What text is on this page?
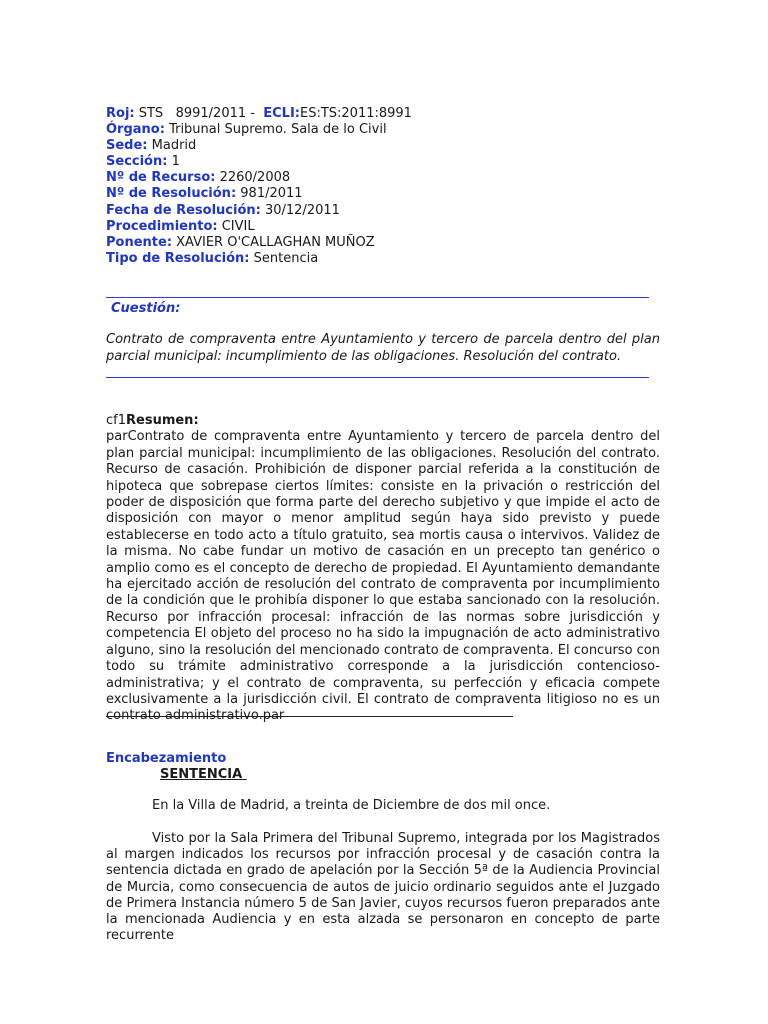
Roj: STS   8991/2011 -  ECLI:ES:TS:2011:8991
Órgano: Tribunal Supremo. Sala de lo Civil
Sede: Madrid
Sección: 1
Nº de Recurso: 2260/2008
Nº de Resolución: 981/2011
Fecha de Resolución: 30/12/2011
Procedimiento: CIVIL
Ponente: XAVIER O'CALLAGHAN MUÑOZ
Tipo de Resolución: Sentencia
Cuestión:
Contrato de compraventa entre Ayuntamiento y tercero de parcela dentro del plan parcial municipal: incumplimiento de las obligaciones. Resolución del contrato.
cf1Resumen:
parContrato de compraventa entre Ayuntamiento y tercero de parcela dentro del plan parcial municipal: incumplimiento de las obligaciones. Resolución del contrato. Recurso de casación. Prohibición de disponer parcial referida a la constitución de hipoteca que sobrepase ciertos límites: consiste en la privación o restricción del poder de disposición que forma parte del derecho subjetivo y que impide el acto de disposición con mayor o menor amplitud según haya sido previsto y puede establecerse en todo acto a título gratuito, sea mortis causa o intervivos. Validez de la misma. No cabe fundar un motivo de casación en un precepto tan genérico o amplio como es el concepto de derecho de propiedad. El Ayuntamiento demandante ha ejercitado acción de resolución del contrato de compraventa por incumplimiento de la condición que le prohibía disponer lo que estaba sancionado con la resolución. Recurso por infracción procesal: infracción de las normas sobre jurisdicción y competencia El objeto del proceso no ha sido la impugnación de acto administrativo alguno, sino la resolución del mencionado contrato de compraventa. El concurso con todo su trámite administrativo corresponde a la jurisdicción contencioso-administrativa; y el contrato de compraventa, su perfección y eficacia compete exclusivamente a la jurisdicción civil. El contrato de compraventa litigioso no es un contrato administrativo.par
Encabezamiento
SENTENCIA
En la Villa de Madrid, a treinta de Diciembre de dos mil once.
Visto por la Sala Primera del Tribunal Supremo, integrada por los Magistrados al margen indicados los recursos por infracción procesal y de casación contra la sentencia dictada en grado de apelación por la Sección 5ª de la Audiencia Provincial de Murcia, como consecuencia de autos de juicio ordinario seguidos ante el Juzgado de Primera Instancia número 5 de San Javier, cuyos recursos fueron preparados ante la mencionada Audiencia y en esta alzada se personaron en concepto de parte recurrente
